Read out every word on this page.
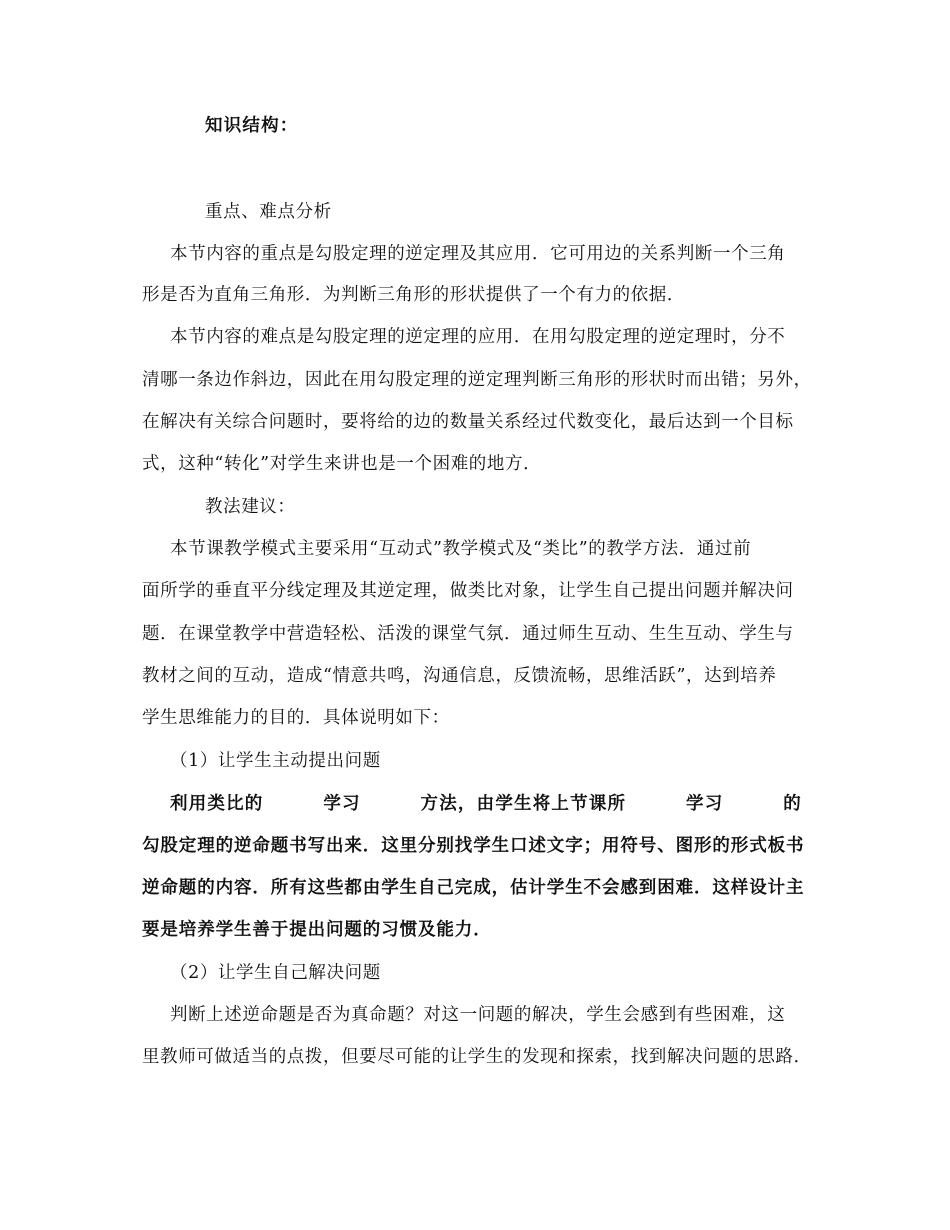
知识结构：
重点、难点分析
本节内容的重点是勾股定理的逆定理及其应用．它可用边的关系判断一个三角
形是否为直角三角形．为判断三角形的形状提供了一个有力的依据．
本节内容的难点是勾股定理的逆定理的应用．在用勾股定理的逆定理时，分不
清哪一条边作斜边，因此在用勾股定理的逆定理判断三角形的形状时而出错；另外，
在解决有关综合问题时，要将给的边的数量关系经过代数变化，最后达到一个目标
式，这种“转化”对学生来讲也是一个困难的地方．
教法建议：
本节课教学模式主要采用“互动式”教学模式及“类比”的教学方法．通过前
面所学的垂直平分线定理及其逆定理，做类比对象，让学生自己提出问题并解决问
题．在课堂教学中营造轻松、活泼的课堂气氛．通过师生互动、生生互动、学生与
教材之间的互动，造成“情意共鸣，沟通信息，反馈流畅，思维活跃”，达到培养
学生思维能力的目的．具体说明如下：
（1）让学生主动提出问题
利用类比的	学习	方法，由学生将上节课所	学习	的
勾股定理的逆命题书写出来．这里分别找学生口述文字；用符号、图形的形式板书
逆命题的内容．所有这些都由学生自己完成，估计学生不会感到困难．这样设计主
要是培养学生善于提出问题的习惯及能力．
（2）让学生自己解决问题
判断上述逆命题是否为真命题？对这一问题的解决，学生会感到有些困难，这
里教师可做适当的点拨，但要尽可能的让学生的发现和探索，找到解决问题的思路．
